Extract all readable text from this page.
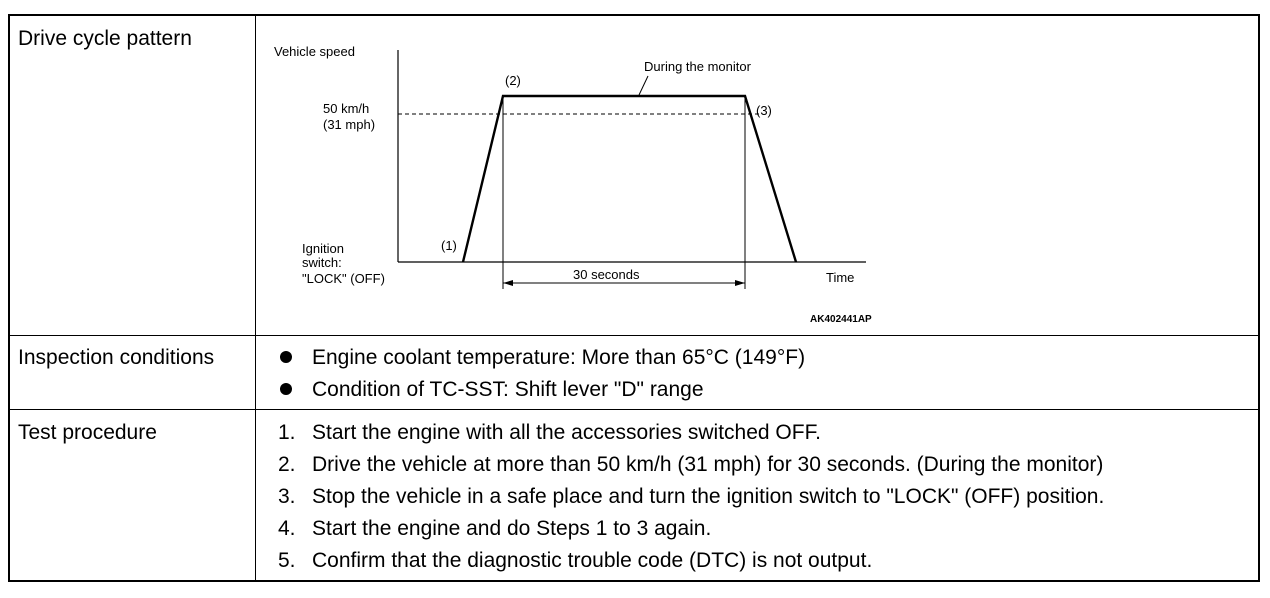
Drive cycle pattern
Inspection conditions
Test procedure
Vehicle speed
50 km/h
(31 mph)
Ignition
switch:
"LOCK" (OFF)
(1)
(2)
(3)
During the monitor
30 seconds	Time
AK402441AP
Engine coolant temperature: More than 65°C (149°F)
Condition of TC-SST: Shift lever "D" range
1. Start the engine with all the accessories switched OFF.
2. Drive the vehicle at more than 50 km/h (31 mph) for 30 seconds. (During the monitor)
3. Stop the vehicle in a safe place and turn the ignition switch to "LOCK" (OFF) position.
4. Start the engine and do Steps 1 to 3 again.
5. Confirm that the diagnostic trouble code (DTC) is not output.
